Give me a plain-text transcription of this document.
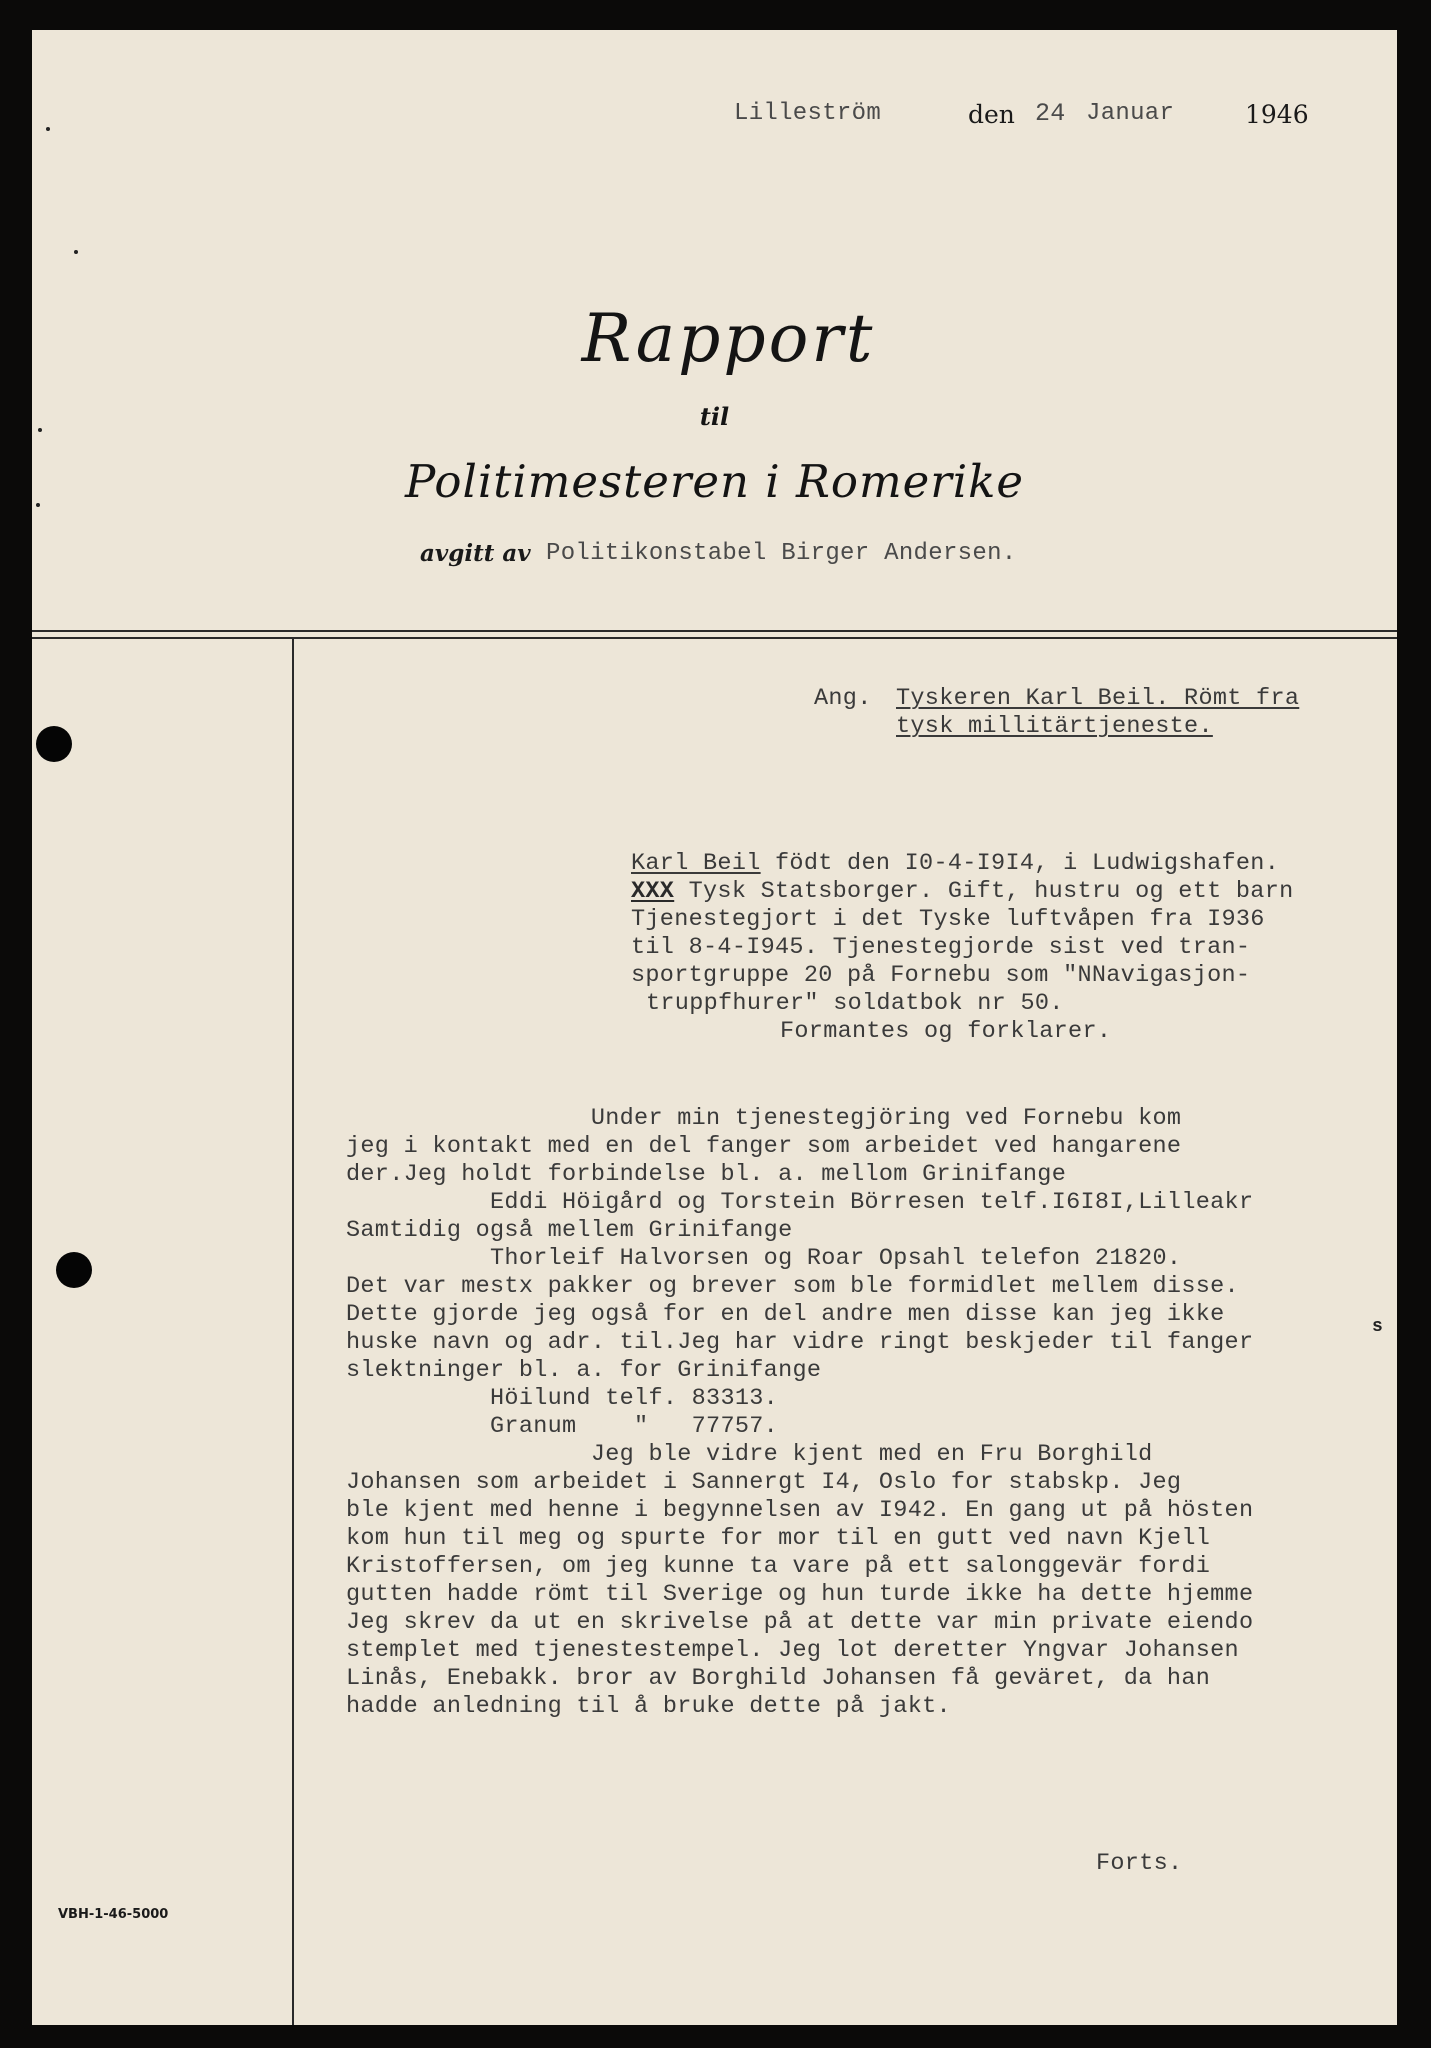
Lilleström	den 24 Januar	1946
Rapport
til
Politimesteren i Romerike
avgitt av Politikonstabel Birger Andersen.
Ang. Tyskeren Karl Beil. Römt fra
tysk millitärtjeneste.
Karl Beil födt den I0-4-I9I4, i Ludwigshafen.
XXX Tysk Statsborger. Gift, hustru og ett barn
Tjenestegjort i det Tyske luftvåpen fra I936
til 8-4-I945. Tjenestegjorde sist ved tran-
sportgruppe 20 på Fornebu som "NNavigasjon-
truppfhurer" soldatbok nr 50.
Formantes og forklarer.
Under min tjenestegjöring ved Fornebu kom
jeg i kontakt med en del fanger som arbeidet ved hangarene
der.Jeg holdt forbindelse bl. a. mellom Grinifange
Eddi Höigård og Torstein Börresen telf.I6I8I,Lilleakr
Samtidig også mellem Grinifange
Thorleif Halvorsen og Roar Opsahl telefon 21820.
Det var mestx pakker og brever som ble formidlet mellem disse.
Dette gjorde jeg også for en del andre men disse kan jeg ikke
huske navn og adr. til.Jeg har vidre ringt beskjeder til fanger
slektninger bl. a. for Grinifange
Höilund telf. 83313.
Granum    "   77757.
Jeg ble vidre kjent med en Fru Borghild
Johansen som arbeidet i Sannergt I4, Oslo for stabskp. Jeg
ble kjent med henne i begynnelsen av I942. En gang ut på hösten
kom hun til meg og spurte for mor til en gutt ved navn Kjell
Kristoffersen, om jeg kunne ta vare på ett salonggevär fordi
gutten hadde römt til Sverige og hun turde ikke ha dette hjemme
Jeg skrev da ut en skrivelse på at dette var min private eiendo
stemplet med tjenestestempel. Jeg lot deretter Yngvar Johansen
Linås, Enebakk. bror av Borghild Johansen få geväret, da han
hadde anledning til å bruke dette på jakt.
s
Forts.
VBH-1-46-5000
